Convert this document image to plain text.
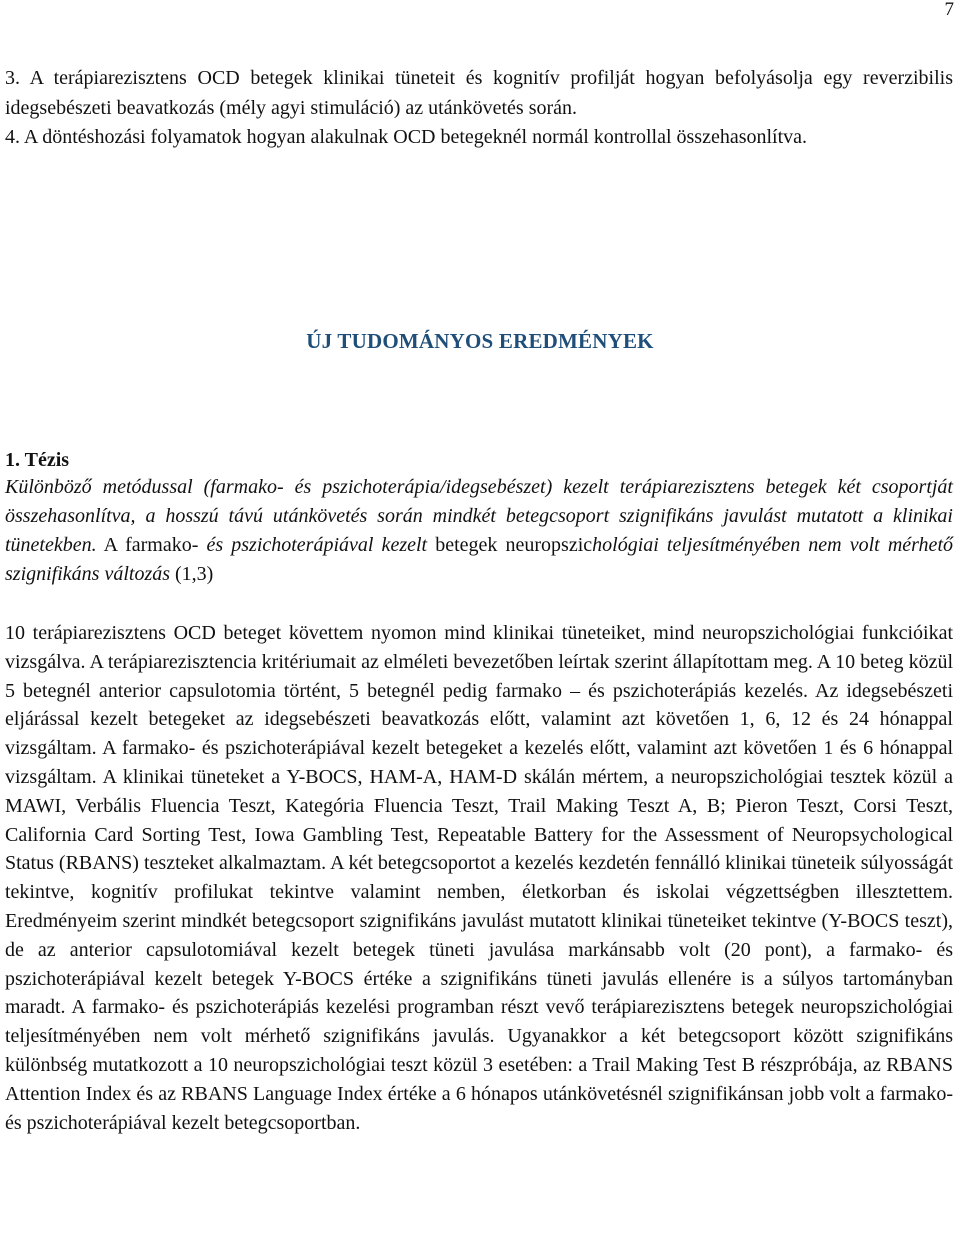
7

3. A terápiarezisztens OCD betegek klinikai tüneteit és kognitív profilját hogyan befolyásolja egy reverzibilis idegsebészeti beavatkozás (mély agyi stimuláció) az utánkövetés során.

4. A döntéshozási folyamatok hogyan alakulnak OCD betegeknél normál kontrollal összehasonlítva.

ÚJ TUDOMÁNYOS EREDMÉNYEK
1. Tézis
Különböző metódussal (farmako- és pszichoterápia/idegsebészet) kezelt terápiarezisztens betegek két csoportját összehasonlítva, a hosszú távú utánkövetés során mindkét betegcsoport szignifikáns javulást mutatott a klinikai tünetekben. A farmako- és pszichoterápiával kezelt betegek neuropszichológiai teljesítményében nem volt mérhető szignifikáns változás (1,3)
10 terápiarezisztens OCD beteget követtem nyomon mind klinikai tüneteiket, mind neuropszichológiai funkcióikat vizsgálva. A terápiarezisztencia kritériumait az elméleti bevezetőben leírtak szerint állapítottam meg. A 10 beteg közül 5 betegnél anterior capsulotomia történt, 5 betegnél pedig farmako – és pszichoterápiás kezelés. Az idegsebészeti eljárással kezelt betegeket az idegsebészeti beavatkozás előtt, valamint azt követően 1, 6, 12 és 24 hónappal vizsgáltam. A farmako- és pszichoterápiával kezelt betegeket a kezelés előtt, valamint azt követően 1 és 6 hónappal vizsgáltam. A klinikai tüneteket a Y-BOCS, HAM-A, HAM-D skálán mértem, a neuropszichológiai tesztek közül a MAWI, Verbális Fluencia Teszt, Kategória Fluencia Teszt, Trail Making Teszt A, B; Pieron Teszt, Corsi Teszt, California Card Sorting Test, Iowa Gambling Test, Repeatable Battery for the Assessment of Neuropsychological Status (RBANS) teszteket alkalmaztam. A két betegcsoportot a kezelés kezdetén fennálló klinikai tüneteik súlyosságát tekintve, kognitív profilukat tekintve valamint nemben, életkorban és iskolai végzettségben illesztettem. Eredményeim szerint mindkét betegcsoport szignifikáns javulást mutatott klinikai tüneteiket tekintve (Y-BOCS teszt), de az anterior capsulotomiával kezelt betegek tüneti javulása markánsabb volt (20 pont), a farmako- és pszichoterápiával kezelt betegek Y-BOCS értéke a szignifikáns tüneti javulás ellenére is a súlyos tartományban maradt. A farmako- és pszichoterápiás kezelési programban részt vevő terápiarezisztens betegek neuropszichológiai teljesítményében nem volt mérhető szignifikáns javulás. Ugyanakkor a két betegcsoport között szignifikáns különbség mutatkozott a 10 neuropszichológiai teszt közül 3 esetében: a Trail Making Test B részpróbája, az RBANS Attention Index és az RBANS Language Index értéke a 6 hónapos utánkövetésnél szignifikánsan jobb volt a farmako- és pszichoterápiával kezelt betegcsoportban.
